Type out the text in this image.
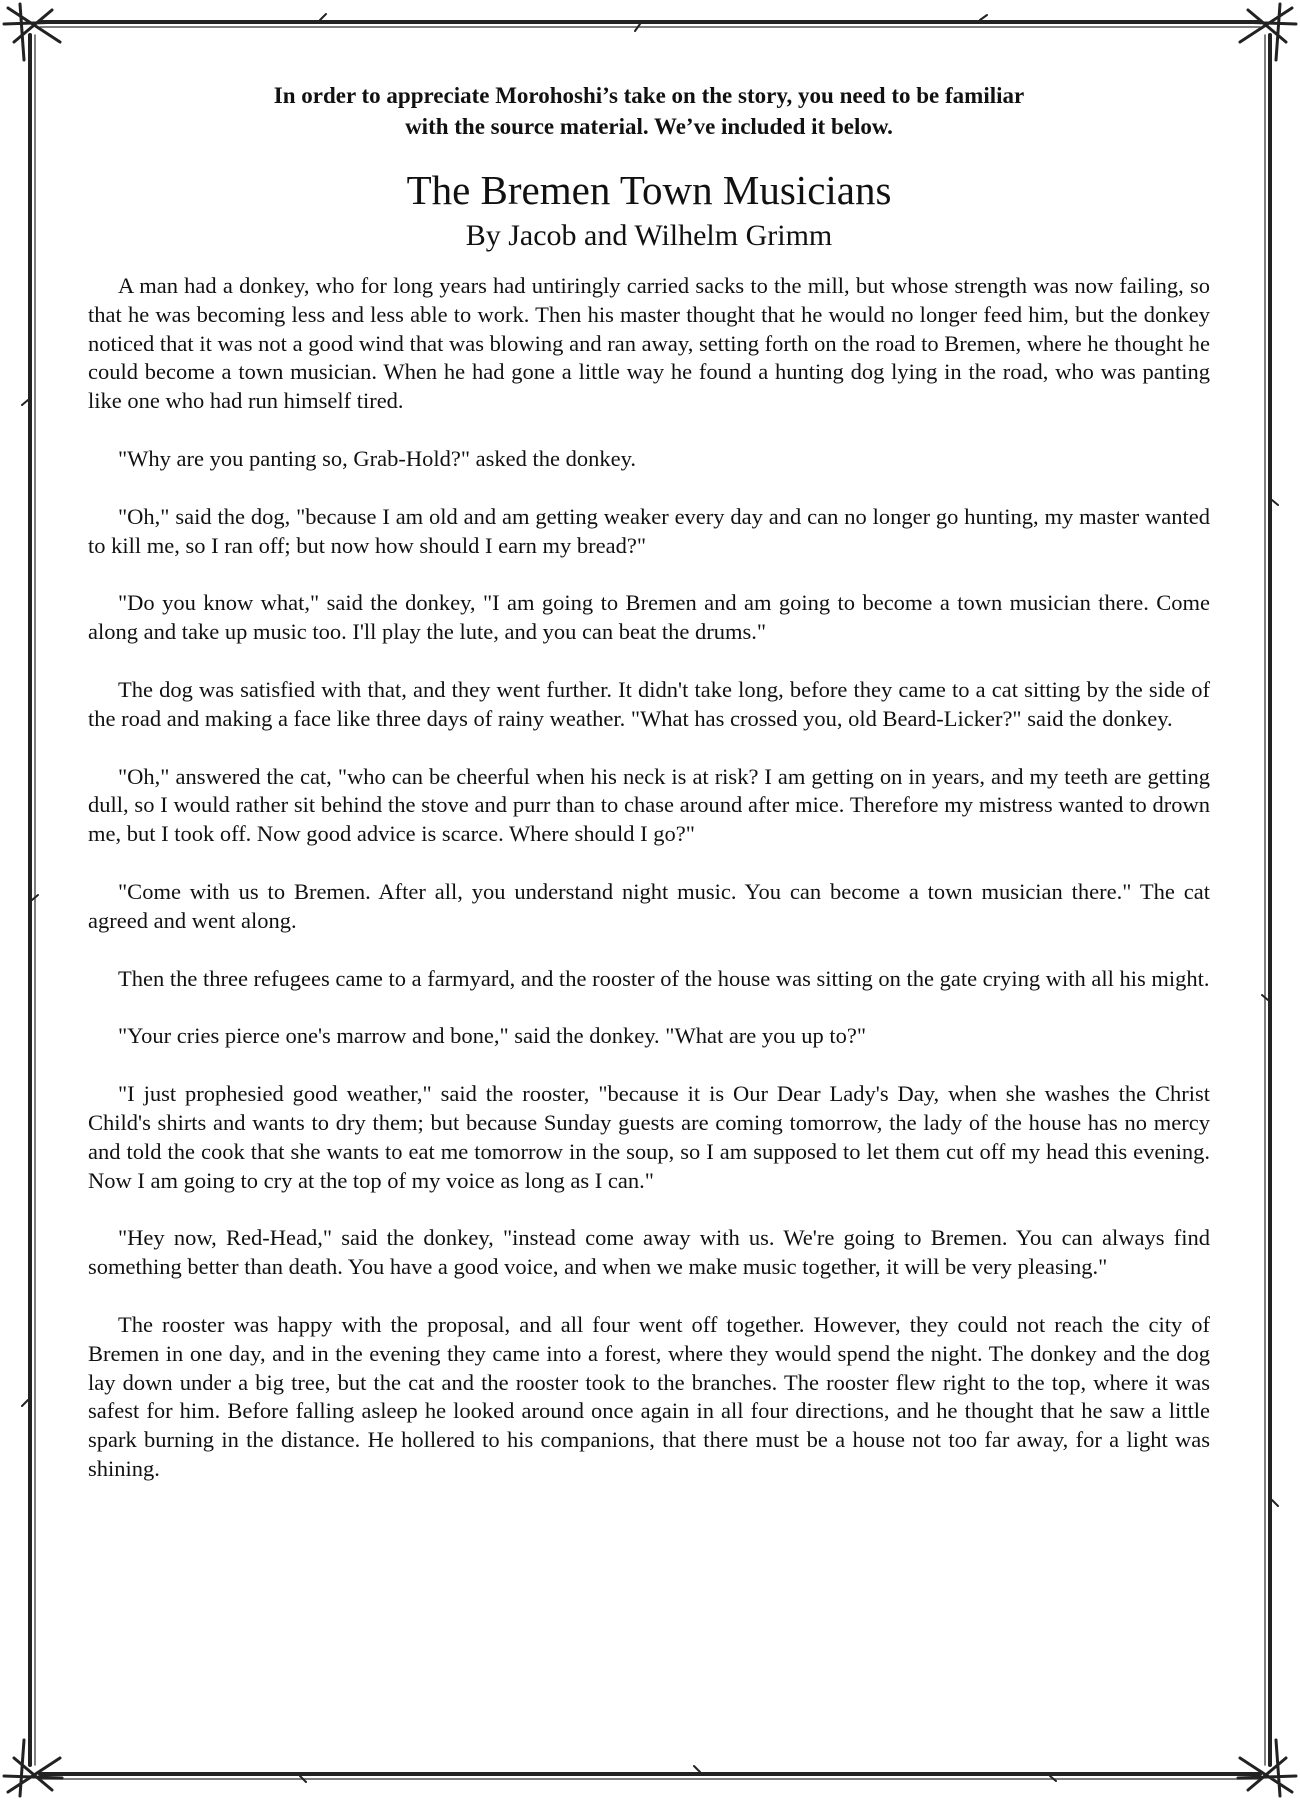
In order to appreciate Morohoshi’s take on the story, you need to be familiar
with the source material. We’ve included it below.

The Bremen Town Musicians
By Jacob and Wilhelm Grimm

A man had a donkey, who for long years had untiringly carried sacks to the mill, but whose strength was now failing, so that he was becoming less and less able to work. Then his master thought that he would no longer feed him, but the donkey noticed that it was not a good wind that was blowing and ran away, setting forth on the road to Bremen, where he thought he could become a town musician. When he had gone a little way he found a hunting dog lying in the road, who was panting like one who had run himself tired.

"Why are you panting so, Grab-Hold?" asked the donkey.

"Oh," said the dog, "because I am old and am getting weaker every day and can no longer go hunting, my master wanted to kill me, so I ran off; but now how should I earn my bread?"

"Do you know what," said the donkey, "I am going to Bremen and am going to become a town musician there. Come along and take up music too. I'll play the lute, and you can beat the drums."

The dog was satisfied with that, and they went further. It didn't take long, before they came to a cat sitting by the side of the road and making a face like three days of rainy weather. "What has crossed you, old Beard-Licker?" said the donkey.

"Oh," answered the cat, "who can be cheerful when his neck is at risk? I am getting on in years, and my teeth are getting dull, so I would rather sit behind the stove and purr than to chase around after mice. Therefore my mistress wanted to drown me, but I took off. Now good advice is scarce. Where should I go?"

"Come with us to Bremen. After all, you understand night music. You can become a town musician there." The cat agreed and went along.

Then the three refugees came to a farmyard, and the rooster of the house was sitting on the gate crying with all his might.

"Your cries pierce one's marrow and bone," said the donkey. "What are you up to?"

"I just prophesied good weather," said the rooster, "because it is Our Dear Lady's Day, when she washes the Christ Child's shirts and wants to dry them; but because Sunday guests are coming tomorrow, the lady of the house has no mercy and told the cook that she wants to eat me tomorrow in the soup, so I am supposed to let them cut off my head this evening. Now I am going to cry at the top of my voice as long as I can."

"Hey now, Red-Head," said the donkey, "instead come away with us. We're going to Bremen. You can always find something better than death. You have a good voice, and when we make music together, it will be very pleasing."

The rooster was happy with the proposal, and all four went off together. However, they could not reach the city of Bremen in one day, and in the evening they came into a forest, where they would spend the night. The donkey and the dog lay down under a big tree, but the cat and the rooster took to the branches. The rooster flew right to the top, where it was safest for him. Before falling asleep he looked around once again in all four directions, and he thought that he saw a little spark burning in the distance. He hollered to his companions, that there must be a house not too far away, for a light was shining.
